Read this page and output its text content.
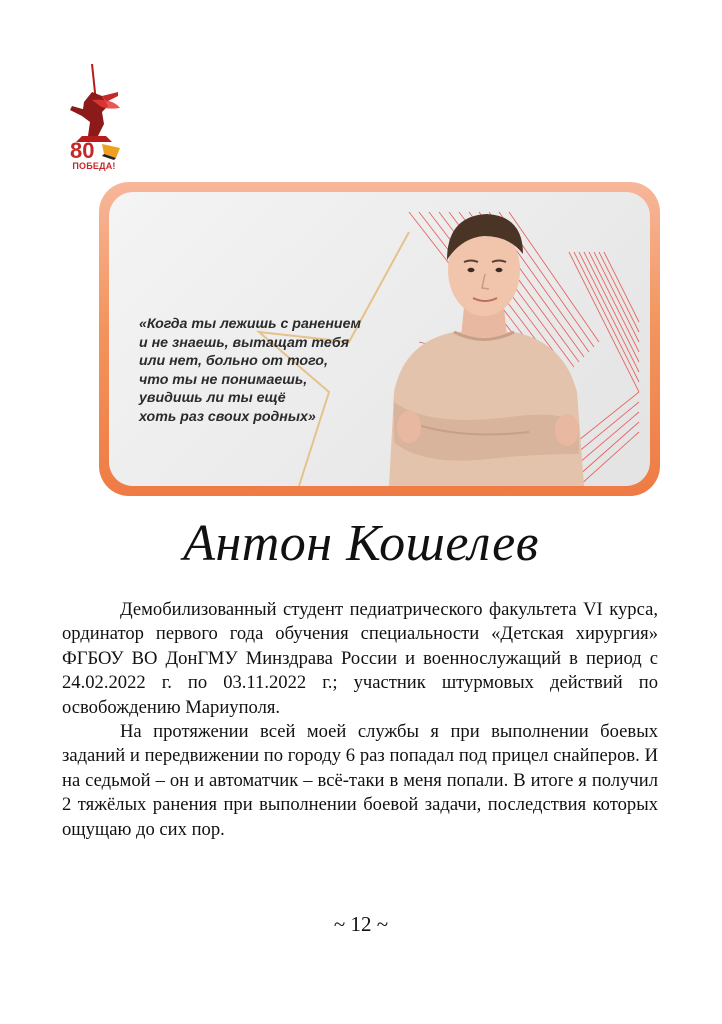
80
ПОБЕДА!

«Когда ты лежишь с ранением
и не знаешь, вытащат тебя
или нет, больно от того,
что ты не понимаешь,
увидишь ли ты ещё
хоть раз своих родных»

Антон Кошелев

Демобилизованный студент педиатрического факультета VI курса, ординатор первого года обучения специальности «Детская хирургия» ФГБОУ ВО ДонГМУ Минздрава России и военнослужащий в период с 24.02.2022 г. по 03.11.2022 г.; участник штурмовых действий по освобождению Мариуполя.

На протяжении всей моей службы я при выполнении боевых заданий и передвижении по городу 6 раз попадал под прицел снайперов. И на седьмой – он и автоматчик – всё-таки в меня попали. В итоге я получил 2 тяжёлых ранения при выполнении боевой задачи, последствия которых ощущаю до сих пор.

~ 12 ~
